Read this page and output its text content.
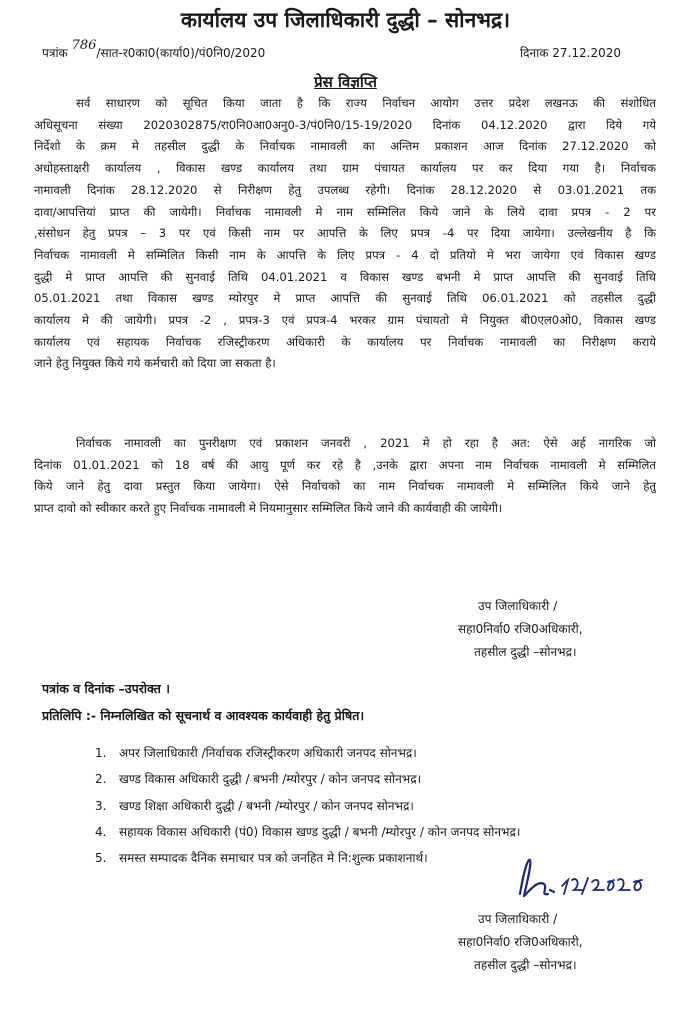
कार्यालय उप जिलाधिकारी दुद्धी – सोनभद्र।
पत्रांक 786/सात-र0का0(कार्या0)/पं0नि0/2020	दिनाक 27.12.2020
प्रेस विज्ञप्ति
सर्व साधारण को सूचित किया जाता है कि राज्य निर्वाचन आयोग उत्तर प्रदेश लखनऊ की संशोधित
अधिसूचना संख्या 2020302875/रा0नि0आ0अनु0-3/पं0नि0/15-19/2020 दिनांक 04.12.2020 द्वारा दिये गये
निर्देशो के क्रम मे तहसील दुद्धी के निर्वाचक नामावली का अन्तिम प्रकाशन आज दिनांक 27.12.2020 को
अधोहस्ताक्षरी कार्यालय , विकास खण्ड कार्यालय तथा ग्राम पंचायत कार्यालय पर कर दिया गया है। निर्वाचक
नामावली दिनांक 28.12.2020 से निरीक्षण हेतु उपलब्ध रहेगी। दिनांक 28.12.2020 से 03.01.2021 तक
दावा/आपत्तियां प्राप्त की जायेगी। निर्वाचक नामावली मे नाम सम्मिलित किये जाने के लिये दावा प्रपत्र - 2 पर
,संसोधन हेतु प्रपत्र – 3 पर एवं किसी नाम पर आपत्ति के लिए प्रपत्र -4 पर दिया जायेगा। उल्लेखनीय है कि
निर्वाचक नामावली मे सम्मिलित किसी नाम के आपत्ति के लिए प्रपत्र - 4 दो प्रतियो मे भरा जायेगा एवं विकास खण्ड
दुद्धी मे प्राप्त आपत्ति की सुनवाई तिथि 04.01.2021 व विकास खण्ड बभनी मे प्राप्त आपत्ति की सुनवाई तिथि
05.01.2021 तथा विकास खण्ड म्योरपुर मे प्राप्त आपत्ति की सुनवाई तिथि 06.01.2021 को तहसील दुद्धी
कार्यालय मे की जायेगी। प्रपत्र -2 , प्रपत्र-3 एवं प्रपत्र-4 भरकर ग्राम पंचायतो मे नियुक्त बी0एल0ओ0, विकास खण्ड
कार्यालय एवं सहायक निर्वाचक रजिस्ट्रीकरण अधिकारी के कार्यालय पर निर्वाचक नामावली का निरीक्षण कराये
जाने हेतु नियुक्त किये गये कर्मचारी को दिया जा सकता है।
निर्वाचक नामावली का पुनरीक्षण एवं प्रकाशन जनवरी , 2021 मे हो रहा है अत: ऐसे अर्ह नागरिक जो
दिनांक 01.01.2021 को 18 वर्ष की आयु पूर्ण कर रहे है ,उनके द्वारा अपना नाम निर्वाचक नामावली मे सम्मिलित
किये जाने हेतु दावा प्रस्तुत किया जायेगा। ऐसे निर्वाचको का नाम निर्वाचक नामावली मे सम्मिलित किये जाने हेतु
प्राप्त दावो को स्वीकार करते हुए निर्वाचक नामावली मे नियमानुसार सम्मिलित किये जाने की कार्यवाही की जायेगी।
उप जिलाधिकारी /
सहा0निर्वा0 रजि0अधिकारी,
तहसील दुद्धी –सोनभद्र।
पत्रांक व दिनांक –उपरोक्त ।
प्रतिलिपि :- निम्नलिखित को सूचनार्थ व आवश्यक कार्यवाही हेतु प्रेषित।
1. अपर जिलाधिकारी /निर्वाचक रजिस्ट्रीकरण अधिकारी जनपद सोनभद्र।
2. खण्ड विकास अधिकारी दुद्धी / बभनी /म्योरपुर / कोन जनपद सोनभद्र।
3. खण्ड शिक्षा अधिकारी दुद्धी / बभनी /म्योरपुर / कोन जनपद सोनभद्र।
4. सहायक विकास अधिकारी (पं0) विकास खण्ड दुद्धी / बभनी /म्योरपुर / कोन जनपद सोनभद्र।
5. समस्त सम्पादक दैनिक समाचार पत्र को जनहित मे नि:शुल्क प्रकाशनार्थ।
उप जिलाधिकारी /
सहा0निर्वा0 रजि0अधिकारी,
तहसील दुद्धी –सोनभद्र।
